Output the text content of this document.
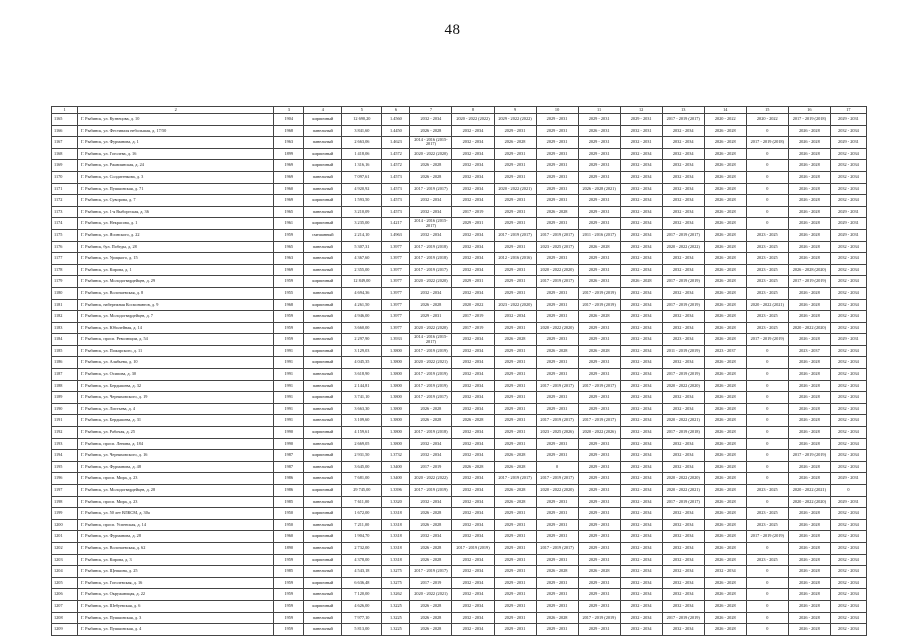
48
1	2	3	4	5	6	7	8	9	10	11	12	13	14	15	16	17
1165	Г. Рыбинск, ул. Кузнецова, д. 10	1904	кирпичный	12 690,20	1.4560	2032 - 2034	2020 - 2022 (2022)	2029 - 2022 (2022)	2029 - 2031	2029 - 2031	2029 - 2031	2017 - 2019 (2017)	2020 - 2022	2020 - 2022	2017 - 2019 (2018)	2029 - 2031
1166	Г. Рыбинск, ул. Фестиваля небольшая, д. 17/50	1968	панельный	3 841,60	1.4450	2026 - 2028	2032 - 2034	2029 - 2031	2029 - 2031	2026 - 2031	2032 - 2031	2032 - 2034	2026 - 2028	0	2026 - 2028	2032 - 2034
1167	Г. Рыбинск, ул. Фурманова, д. 1	1963	панельный	2 663,06	1.4623	2014 - 2016 (2015-2017)	2032 - 2034	2026 - 2028	2029 - 2031	2029 - 2031	2032 - 2031	2032 - 2034	2026 - 2028	2017 - 2019 (2018)	2026 - 2028	2029 - 2031
1168	Г. Рыбинск, ул. Гоголева, д. 16	1899	кирпичный	1 418,06	1.4572	2020 - 2022 (2020)	2032 - 2034	2029 - 2031	2029 - 2031	2029 - 2031	2032 - 2034	2032 - 2034	2026 - 2028	0	2026 - 2028	2032 - 2034
1169	Г. Рыбинск, ул. Ржавлянская, д. 24	1969	кирпичный	1 316,16	1.4572	2026 - 2028	2032 - 2034	2029 - 2031	2029 - 2031	2029 - 2031	2032 - 2034	2032 - 2034	2026 - 2028	0	2026 - 2028	2032 - 2034
1170	Г. Рыбинск, ул. Солдатенкова, д. 3	1969	панельный	7 097,61	1.4573	2026 - 2028	2032 - 2034	2029 - 2031	2029 - 2031	2029 - 2031	2032 - 2034	2032 - 2034	2026 - 2028	0	2026 - 2028	2032 - 2034
1171	Г. Рыбинск, ул. Пушкинская, д. 71	1960	панельный	4 920,92	1.4573	2017 - 2019 (2017)	2032 - 2034	2020 - 2022 (2021)	2029 - 2031	2026 - 2028 (2021)	2032 - 2034	2032 - 2034	2026 - 2028	0	2026 - 2028	2032 - 2034
1172	Г. Рыбинск, ул. Суворова, д. 7	1969	кирпичный	1 593,50	1.4573	2032 - 2034	2032 - 2034	2029 - 2031	2029 - 2031	2029 - 2031	2032 - 2034	2032 - 2034	2026 - 2028	0	2026 - 2028	2032 - 2034
1173	Г. Рыбинск, ул. 1-я Выборгская, д. 36	1965	панельный	3 210,09	1.4573	2032 - 2034	2017 - 2019	2029 - 2031	2026 - 2028	2029 - 2031	2032 - 2034	2032 - 2034	2026 - 2028	0	2026 - 2028	2029 - 2031
1174	Г. Рыбинск, ул. Некрасова, д. 1	1961	кирпичный	3 235,00	1.4217	2014 - 2016 (2015-2017)	2029 - 2031	2029 - 2031	2029 - 2031	2029 - 2031	2032 - 2034	2032 - 2034	2026 - 2028	0	2026 - 2028	2029 - 2031
1175	Г. Рыбинск, ул. Ясинского, д. 22	1959	смешанный	2 214,10	1.4963	2032 - 2034	2032 - 2034	2017 - 2019 (2017)	2017 - 2019 (2017)	2011 - 2016 (2017)	2032 - 2034	2017 - 2019 (2017)	2026 - 2028	2023 - 2025	2026 - 2028	2029 - 2031
1176	Г. Рыбинск, бул. Победы, д. 28	1965	панельный	5 307,31	1.3977	2017 - 2019 (2018)	2032 - 2034	2029 - 2031	2023 - 2025 (2017)	2026 - 2028	2032 - 2034	2020 - 2022 (2022)	2026 - 2028	2023 - 2025	2026 - 2028	2032 - 2034
1177	Г. Рыбинск, ул. Урицкого, д. 15	1963	панельный	4 367,60	1.3977	2017 - 2019 (2018)	2032 - 2034	2012 - 2016 (2016)	2029 - 2031	2029 - 2031	2032 - 2034	2032 - 2034	2026 - 2028	2023 - 2025	2026 - 2028	2032 - 2034
1178	Г. Рыбинск, ул. Кирова, д. 1	1969	панельный	2 355,00	1.3977	2017 - 2019 (2017)	2032 - 2034	2029 - 2031	2020 - 2022 (2020)	2029 - 2031	2032 - 2034	2032 - 2034	2026 - 2028	2023 - 2025	2026 - 2028 (2020)	2032 - 2034
1179	Г. Рыбинск, ул. Молодогвардейцев, д. 29	1959	кирпичный	12 849,00	1.3977	2020 - 2022 (2020)	2029 - 2031	2029 - 2031	2017 - 2019 (2017)	2026 - 2031	2026 - 2028	2017 - 2019 (2019)	2026 - 2028	2023 - 2025	2017 - 2019 (2019)	2032 - 2034
1180	Г. Рыбинск, ул. Волочаевская, д. 8	1955	панельный	4 694,36	1.3977	2032 - 2034	2032 - 2034	2029 - 2031	2029 - 2031	2017 - 2019 (2019)	2032 - 2034	2032 - 2034	2026 - 2028	2023 - 2025	2026 - 2028	2032 - 2034
1181	Г. Рыбинск, набережная Космонавтов, д. 9	1968	кирпичный	4 261,50	1.3977	2026 - 2028	2020 - 2022	2023 - 2022 (2020)	2029 - 2031	2017 - 2019 (2019)	2032 - 2034	2017 - 2019 (2019)	2026 - 2028	2020 - 2022 (2021)	2026 - 2028	2032 - 2034
1182	Г. Рыбинск, ул. Молодогвардейцев, д. 7	1959	панельный	4 946,00	1.3977	2029 - 2031	2017 - 2019	2032 - 2034	2029 - 2031	2026 - 2028	2032 - 2034	2032 - 2034	2026 - 2028	2023 - 2025	2026 - 2028	2032 - 2034
1183	Г. Рыбинск, ул. Юбилейная, д. 14	1959	панельный	3 660,00	1.3977	2020 - 2022 (2020)	2017 - 2019	2029 - 2031	2020 - 2022 (2020)	2029 - 2031	2032 - 2034	2032 - 2034	2026 - 2028	2023 - 2025	2020 - 2022 (2020)	2032 - 2034
1184	Г. Рыбинск, просп. Революции, д. 54	1959	панельный	2 297,90	1.3933	2014 - 2016 (2015-2017)	2032 - 2034	2026 - 2028	2029 - 2031	2029 - 2031	2032 - 2034	2023 - 2034	2026 - 2028	2017 - 2019 (2019)	2026 - 2028	2029 - 2031
1185	Г. Рыбинск, ул. Пожарского, д. 11	1991	кирпичный	3 129,03	1.3800	2017 - 2019 (2019)	2032 - 2034	2029 - 2031	2026 - 2028	2026 - 2028	2032 - 2034	2011 - 2019 (2019)	2023 - 2037	0	2023 - 2037	2032 - 2034
1186	Г. Рыбинск, ул. Алябьева, д. 10	1991	кирпичный	4 045,35	1.3800	2020 - 2022 (2021)	2032 - 2034	2029 - 2031	2029 - 2031	2029 - 2031	2032 - 2034	2032 - 2034	2026 - 2028	0	2026 - 2028	2032 - 2034
1187	Г. Рыбинск, ул. Осипова, д. 30	1991	панельный	3 618,90	1.3800	2017 - 2019 (2019)	2032 - 2034	2029 - 2031	2029 - 2031	2029 - 2031	2032 - 2034	2017 - 2019 (2019)	2026 - 2028	0	2026 - 2028	2032 - 2034
1188	Г. Рыбинск, ул. Бердышева, д. 32	1991	панельный	2 144,81	1.3800	2017 - 2019 (2019)	2032 - 2034	2029 - 2031	2017 - 2019 (2017)	2017 - 2019 (2017)	2032 - 2034	2020 - 2022 (2020)	2026 - 2028	0	2026 - 2028	2032 - 2034
1189	Г. Рыбинск, ул. Черняховского, д. 19	1991	кирпичный	3 741,10	1.3800	2017 - 2019 (2017)	2032 - 2034	2029 - 2031	2029 - 2031	2029 - 2031	2032 - 2034	2032 - 2034	2026 - 2028	0	2026 - 2028	2032 - 2034
1190	Г. Рыбинск, ул. Листьева, д. 4	1991	панельный	3 663,30	1.3800	2026 - 2028	2032 - 2034	2029 - 2031	2029 - 2031	2029 - 2031	2032 - 2034	2032 - 2034	2026 - 2028	0	2026 - 2028	2032 - 2034
1191	Г. Рыбинск, ул. Бердышева, д. 31	1991	панельный	3 109,60	1.3800	2026 - 2028	2026 - 2028	2029 - 2031	2017 - 2019 (2017)	2017 - 2019 (2017)	2032 - 2034	2020 - 2022 (2021)	2026 - 2028	0	2026 - 2028	2032 - 2034
1192	Г. Рыбинск, ул. Рабочая, д. 25	1990	кирпичный	4 159,61	1.3800	2017 - 2019 (2018)	2032 - 2034	2029 - 2031	2023 - 2025 (2026)	2020 - 2022 (2026)	2032 - 2034	2017 - 2019 (2018)	2026 - 2028	0	2026 - 2028	2032 - 2034
1193	Г. Рыбинск, просп. Ленина, д. 184	1990	панельный	2 669,05	1.3800	2032 - 2034	2032 - 2034	2029 - 2031	2029 - 2031	2029 - 2031	2032 - 2034	2032 - 2034	2026 - 2028	0	2026 - 2028	2032 - 2034
1194	Г. Рыбинск, ул. Черняховского, д. 16	1987	кирпичный	2 931,50	1.3732	2032 - 2034	2032 - 2034	2026 - 2028	2029 - 2031	2029 - 2031	2032 - 2034	2032 - 2034	2026 - 2028	0	2017 - 2019 (2019)	2032 - 2034
1195	Г. Рыбинск, ул. Фурманова, д. 48	1987	панельный	3 645,00	1.3400	2017 - 2019	2026 - 2028	2026 - 2028	0	2029 - 2031	2032 - 2034	2032 - 2034	2026 - 2028	0	2026 - 2028	2032 - 2034
1196	Г. Рыбинск, просп. Мира, д. 23	1986	панельный	7 681,00	1.3400	2020 - 2022 (2022)	2032 - 2034	2017 - 2019 (2017)	2017 - 2019 (2017)	2029 - 2031	2032 - 2034	2020 - 2022 (2020)	2026 - 2028	0	2026 - 2028	2029 - 2031
1197	Г. Рыбинск, ул. Молодогвардейцев, д. 28	1986	кирпичный	29 745,00	1.3396	2017 - 2019 (2019)	2032 - 2034	2026 - 2028	2020 - 2022 (2020)	2029 - 2031	2032 - 2034	2020 - 2022 (2021)	2026 - 2028	2023 - 2025	2020 - 2022 (2021)	0
1198	Г. Рыбинск, просп. Мира, д. 23	1985	панельный	7 611,00	1.3320	2032 - 2034	2032 - 2034	2026 - 2028	2029 - 2031	2029 - 2031	2032 - 2034	2017 - 2019 (2017)	2026 - 2028	0	2020 - 2022 (2020)	2029 - 2031
1199	Г. Рыбинск, ул. 50 лет ВЛКСМ, д. 30а	1950	кирпичный	1 672,00	1.3318	2026 - 2028	2032 - 2034	2029 - 2031	2029 - 2031	2029 - 2031	2032 - 2034	2032 - 2034	2026 - 2028	2023 - 2025	2026 - 2028	2032 - 2034
1200	Г. Рыбинск, просп. Успенская, д. 14	1950	панельный	7 211,00	1.3318	2026 - 2028	2032 - 2034	2029 - 2031	2029 - 2031	2029 - 2031	2032 - 2034	2032 - 2034	2026 - 2028	2023 - 2025	2026 - 2028	2032 - 2034
1201	Г. Рыбинск, ул. Фурманова, д. 28	1960	кирпичный	1 904,70	1.3318	2032 - 2034	2032 - 2034	2029 - 2031	2029 - 2031	2029 - 2031	2032 - 2034	2032 - 2034	2026 - 2028	2017 - 2019 (2019)	2026 - 2028	2032 - 2034
1202	Г. Рыбинск, ул. Волочаевская, д. 62	1890	панельный	2 732,00	1.3318	2026 - 2028	2017 - 2019 (2019)	2029 - 2031	2017 - 2019 (2017)	2029 - 2031	2032 - 2034	2032 - 2034	2026 - 2028	0	2026 - 2028	2032 - 2034
1203	Г. Рыбинск, ул. Кирова, д. 3	1959	кирпичный	4 378,00	1.3318	2026 - 2028	2032 - 2034	2029 - 2031	2029 - 2031	2029 - 2031	2032 - 2034	2032 - 2034	2026 - 2028	2023 - 2025	2026 - 2028	2032 - 2034
1204	Г. Рыбинск, ул. Щепкина, д. 25	1985	панельный	4 543,18	1.3275	2017 - 2019 (2017)	2032 - 2034	2029 - 2031	2026 - 2028	2026 - 2028	2032 - 2034	2032 - 2034	2032 - 2034	0	2026 - 2028	2032 - 2034
1205	Г. Рыбинск, ул. Гоголевская, д. 16	1959	кирпичный	6 636,48	1.3275	2017 - 2019	2032 - 2034	2029 - 2031	2029 - 2031	2029 - 2031	2032 - 2034	2032 - 2034	2026 - 2028	0	2026 - 2028	2032 - 2034
1206	Г. Рыбинск, ул. Окружающая, д. 22	1959	панельный	7 120,00	1.3262	2020 - 2022 (2021)	2032 - 2034	2029 - 2031	2029 - 2031	2029 - 2031	2032 - 2034	2032 - 2034	2026 - 2028	0	2026 - 2028	2032 - 2034
1207	Г. Рыбинск, ул. Шебуевская, д. 6	1959	кирпичный	4 626,00	1.3225	2026 - 2028	2032 - 2034	2029 - 2031	2029 - 2031	2029 - 2031	2032 - 2034	2032 - 2034	2026 - 2028	0	2026 - 2028	2032 - 2034
1208	Г. Рыбинск, ул. Пушкинская, д. 3	1959	панельный	7 977,10	1.3225	2026 - 2028	2032 - 2034	2029 - 2031	2026 - 2028	2017 - 2019 (2019)	2032 - 2034	2017 - 2019 (2019)	2026 - 2028	0	2026 - 2028	2032 - 2034
1209	Г. Рыбинск, ул. Пушкинская, д. 4	1959	панельный	5 813,00	1.3225	2026 - 2028	2032 - 2034	2029 - 2031	2029 - 2031	2029 - 2031	2032 - 2034	2032 - 2034	2026 - 2028	0	2026 - 2028	2032 - 2034
